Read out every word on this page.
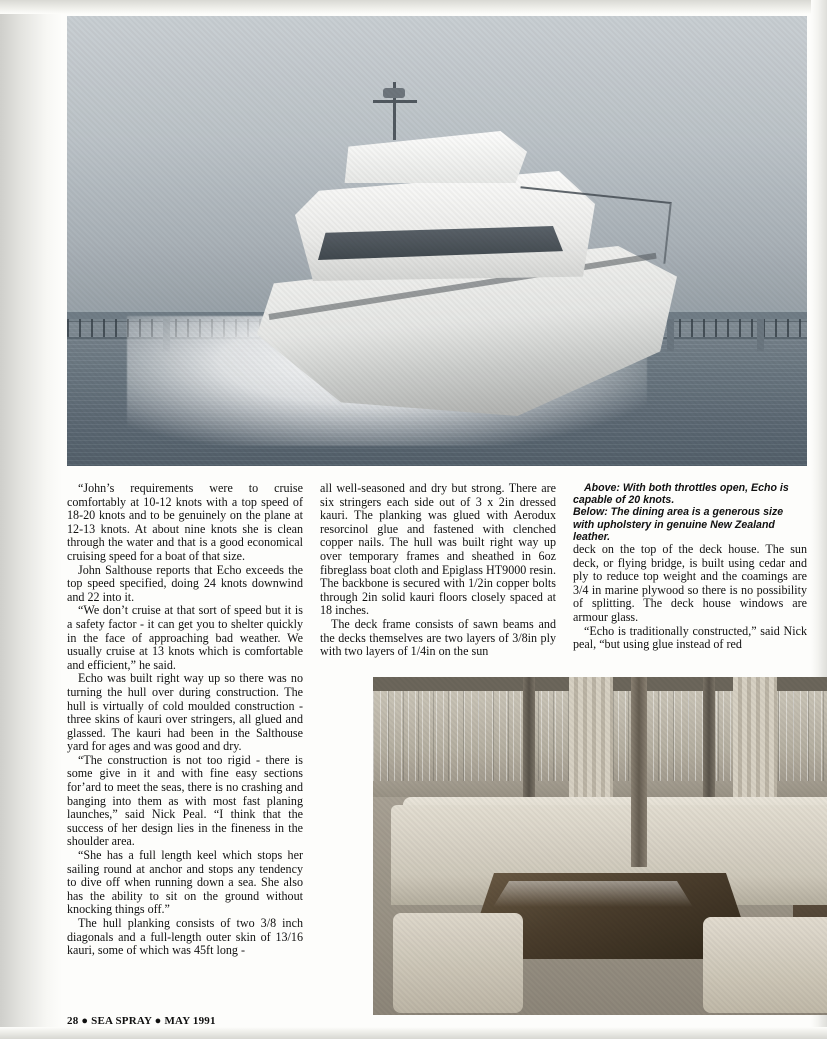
“John’s requirements were to cruise comfortably at 10-12 knots with a top speed of 18-20 knots and to be genuinely on the plane at 12-13 knots. At about nine knots she is clean through the water and that is a good economical cruising speed for a boat of that size.

John Salthouse reports that Echo exceeds the top speed specified, doing 24 knots downwind and 22 into it.

“We don’t cruise at that sort of speed but it is a safety factor - it can get you to shelter quickly in the face of approaching bad weather. We usually cruise at 13 knots which is comfortable and efficient,” he said.

Echo was built right way up so there was no turning the hull over during construction. The hull is virtually of cold moulded construction - three skins of kauri over stringers, all glued and glassed. The kauri had been in the Salthouse yard for ages and was good and dry.

“The construction is not too rigid - there is some give in it and with fine easy sections for’ard to meet the seas, there is no crashing and banging into them as with most fast planing launches,” said Nick Peal. “I think that the success of her design lies in the fineness in the shoulder area.

“She has a full length keel which stops her sailing round at anchor and stops any tendency to dive off when running down a sea. She also has the ability to sit on the ground without knocking things off.”

The hull planking consists of two 3/8 inch diagonals and a full-length outer skin of 13/16 kauri, some of which was 45ft long -

all well-seasoned and dry but strong. There are six stringers each side out of 3 x 2in dressed kauri. The planking was glued with Aerodux resorcinol glue and fastened with clenched copper nails. The hull was built right way up over temporary frames and sheathed in 6oz fibreglass boat cloth and Epiglass HT9000 resin. The backbone is secured with 1/2in copper bolts through 2in solid kauri floors closely spaced at 18 inches.

The deck frame consists of sawn beams and the decks themselves are two layers of 3/8in ply with two layers of 1/4in on the sun

Above: With both throttles open, Echo is capable of 20 knots.

Below: The dining area is a generous size with upholstery in genuine New Zealand leather.

deck on the top of the deck house. The sun deck, or flying bridge, is built using cedar and ply to reduce top weight and the coamings are 3/4 in marine plywood so there is no possibility of splitting. The deck house windows are armour glass.

“Echo is traditionally constructed,” said Nick peal, “but using glue instead of red

28 ● SEA SPRAY ● MAY 1991
